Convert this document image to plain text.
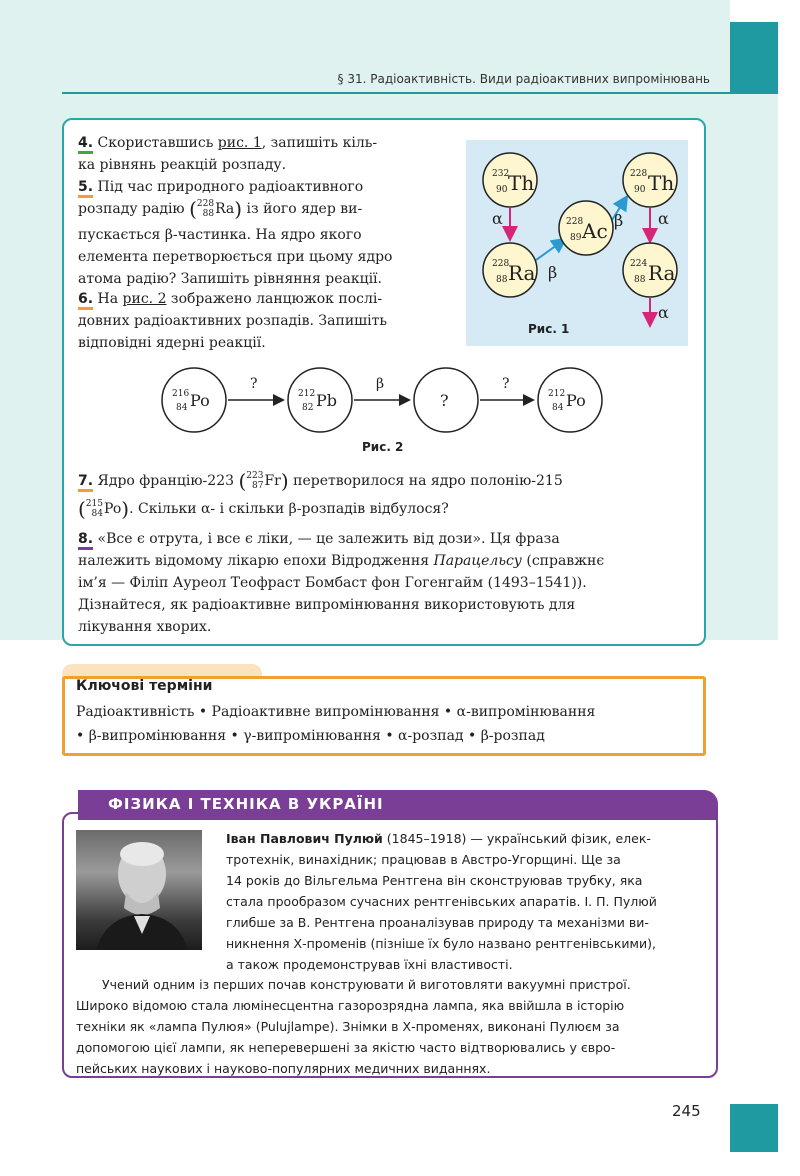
§ 31. Радіоактивність. Види радіоактивних випромінювань
4. Скориставшись рис. 1, запишіть кіль-
ка рівнянь реакцій розпаду.
5. Під час природного радіоактивного
розпаду радію ( 228
88 Ra) із його ядер ви-
пускається β-частинка. На ядро якого
елемента перетворюється при цьому ядро
атома радію? Запишіть рівняння реакції.
6. На рис. 2 зображено ланцюжок послі-
довних радіоактивних розпадів. Запишіть
відповідні ядерні реакції.
232
90 Th
228
88 Ra
228
89 Ac
228
90 Th
224
88 Ra
α
β
β α
α
Рис. 1
?	β	?
216
84 Po	212
82 Pb	?	212
84 Po
Рис. 2
7. Ядро францію-223 ( 223
87 Fr) перетворилося на ядро полонію-215
( 215
84 Po). Скільки α- і скільки β-розпадів відбулося?
8. «Все є отрута, і все є ліки, — це залежить від дози». Ця фраза
належить відомому лікарю епохи Відродження Парацельсу (справжнє
ім’я — Філіп Ауреол Теофраст Бомбаст фон Гогенгайм (1493–1541)).
Дізнайтеся, як радіоактивне випромінювання використовують для
лікування хворих.
Ключові терміни
Радіоактивність • Радіоактивне випромінювання • α-випромінювання
• β-випромінювання • γ-випромінювання • α-розпад • β-розпад
ФІЗИКА І ТЕХНІКА В УКРАЇНІ
Іван Павлович Пулюй (1845–1918) — український фізик, елек-
тротехнік, винахідник; працював в Австро-Угорщині. Ще за
14 років до Вільгельма Рентгена він сконструював трубку, яка
стала прообразом сучасних рентгенівських апаратів. І. П. Пулюй
глибше за В. Рентгена проаналізував природу та механізми ви-
никнення Х-променів (пізніше їх було названо рентгенівськими),
а також продемонстрував їхні властивості.
Учений одним із перших почав конструювати й виготовляти вакуумні пристрої.
Широко відомою стала люмінесцентна газорозрядна лампа, яка ввійшла в історію
техніки як «лампа Пулюя» (Pulujlampe). Знімки в Х-променях, виконані Пулюєм за
допомогою цієї лампи, як неперевершені за якістю часто відтворювались у євро-
пейських наукових і науково-популярних медичних виданнях.
245
